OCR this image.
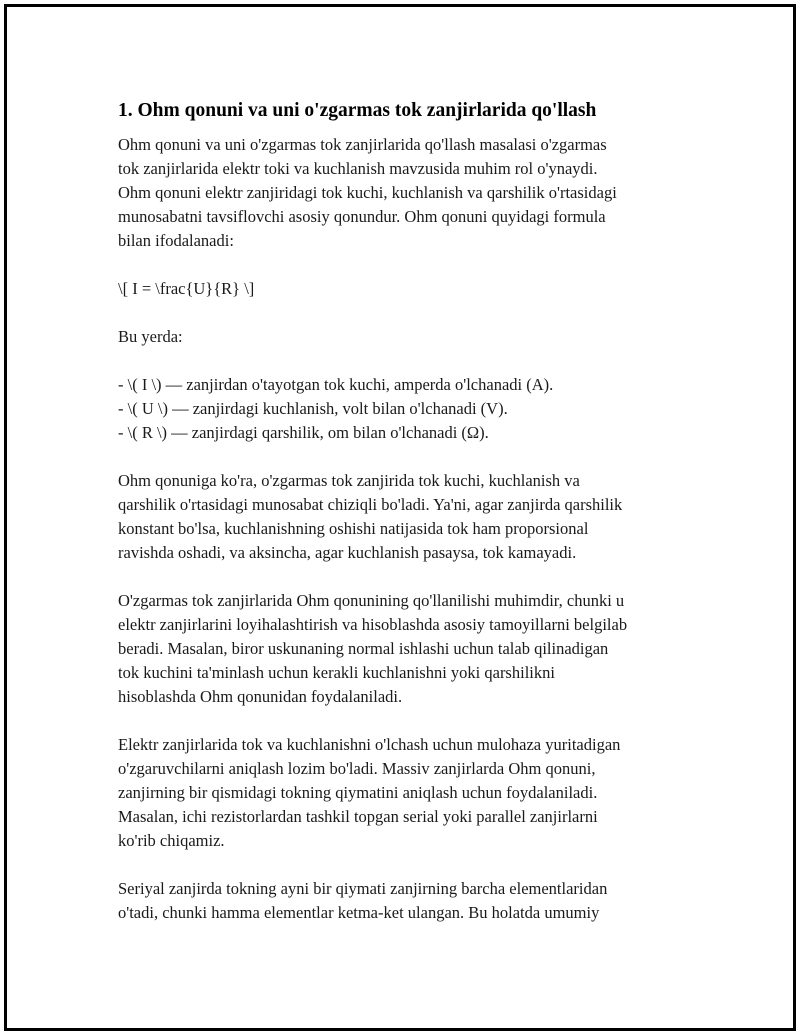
1. Ohm qonuni va uni o'zgarmas tok zanjirlarida qo'llash

Ohm qonuni va uni o'zgarmas tok zanjirlarida qo'llash masalasi o'zgarmas
tok zanjirlarida elektr toki va kuchlanish mavzusida muhim rol o'ynaydi.
Ohm qonuni elektr zanjiridagi tok kuchi, kuchlanish va qarshilik o'rtasidagi
munosabatni tavsiflovchi asosiy qonundur. Ohm qonuni quyidagi formula
bilan ifodalanadi:

\[ I = \frac{U}{R} \]

Bu yerda:

- \( I \) — zanjirdan o'tayotgan tok kuchi, amperda o'lchanadi (A).
- \( U \) — zanjirdagi kuchlanish, volt bilan o'lchanadi (V).
- \( R \) — zanjirdagi qarshilik, om bilan o'lchanadi (Ω).

Ohm qonuniga ko'ra, o'zgarmas tok zanjirida tok kuchi, kuchlanish va
qarshilik o'rtasidagi munosabat chiziqli bo'ladi. Ya'ni, agar zanjirda qarshilik
konstant bo'lsa, kuchlanishning oshishi natijasida tok ham proporsional
ravishda oshadi, va aksincha, agar kuchlanish pasaysa, tok kamayadi.

O'zgarmas tok zanjirlarida Ohm qonunining qo'llanilishi muhimdir, chunki u
elektr zanjirlarini loyihalashtirish va hisoblashda asosiy tamoyillarni belgilab
beradi. Masalan, biror uskunaning normal ishlashi uchun talab qilinadigan
tok kuchini ta'minlash uchun kerakli kuchlanishni yoki qarshilikni
hisoblashda Ohm qonunidan foydalaniladi.

Elektr zanjirlarida tok va kuchlanishni o'lchash uchun mulohaza yuritadigan
o'zgaruvchilarni aniqlash lozim bo'ladi. Massiv zanjirlarda Ohm qonuni,
zanjirning bir qismidagi tokning qiymatini aniqlash uchun foydalaniladi.
Masalan, ichi rezistorlardan tashkil topgan serial yoki parallel zanjirlarni
ko'rib chiqamiz.

Seriyal zanjirda tokning ayni bir qiymati zanjirning barcha elementlaridan
o'tadi, chunki hamma elementlar ketma-ket ulangan. Bu holatda umumiy
